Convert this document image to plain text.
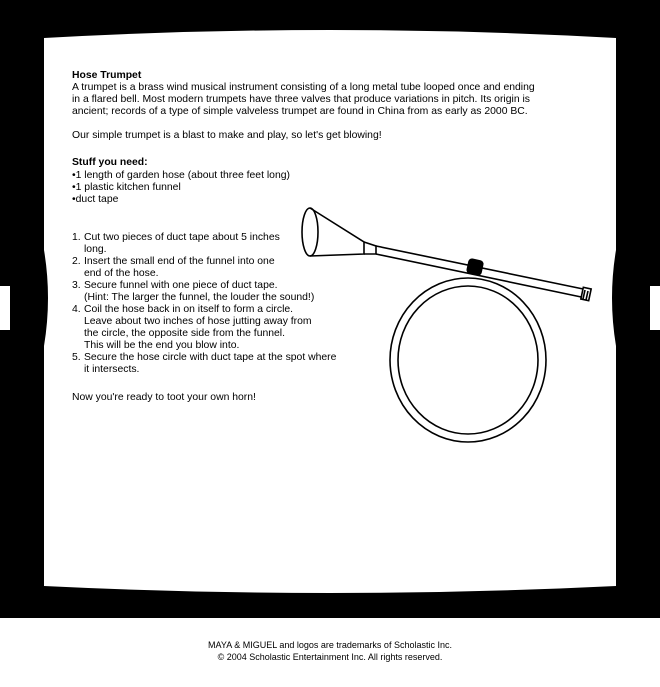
Hose Trumpet
A trumpet is a brass wind musical instrument consisting of a long metal tube looped once and ending
in a flared bell. Most modern trumpets have three valves that produce variations in pitch. Its origin is
ancient; records of a type of simple valveless trumpet are found in China from as early as 2000 BC.
Our simple trumpet is a blast to make and play, so let's get blowing!
Stuff you need:
• 1 length of garden hose (about three feet long)
• 1 plastic kitchen funnel
• duct tape
1. Cut two pieces of duct tape about 5 inches
long.
2. Insert the small end of the funnel into one
end of the hose.
3. Secure funnel with one piece of duct tape.
(Hint: The larger the funnel, the louder the sound!)
4. Coil the hose back in on itself to form a circle.
Leave about two inches of hose jutting away from
the circle, the opposite side from the funnel.
This will be the end you blow into.
5. Secure the hose circle with duct tape at the spot where
it intersects.
Now you're ready to toot your own horn!
MAYA & MIGUEL and logos are trademarks of Scholastic Inc.
© 2004 Scholastic Entertainment Inc. All rights reserved.
